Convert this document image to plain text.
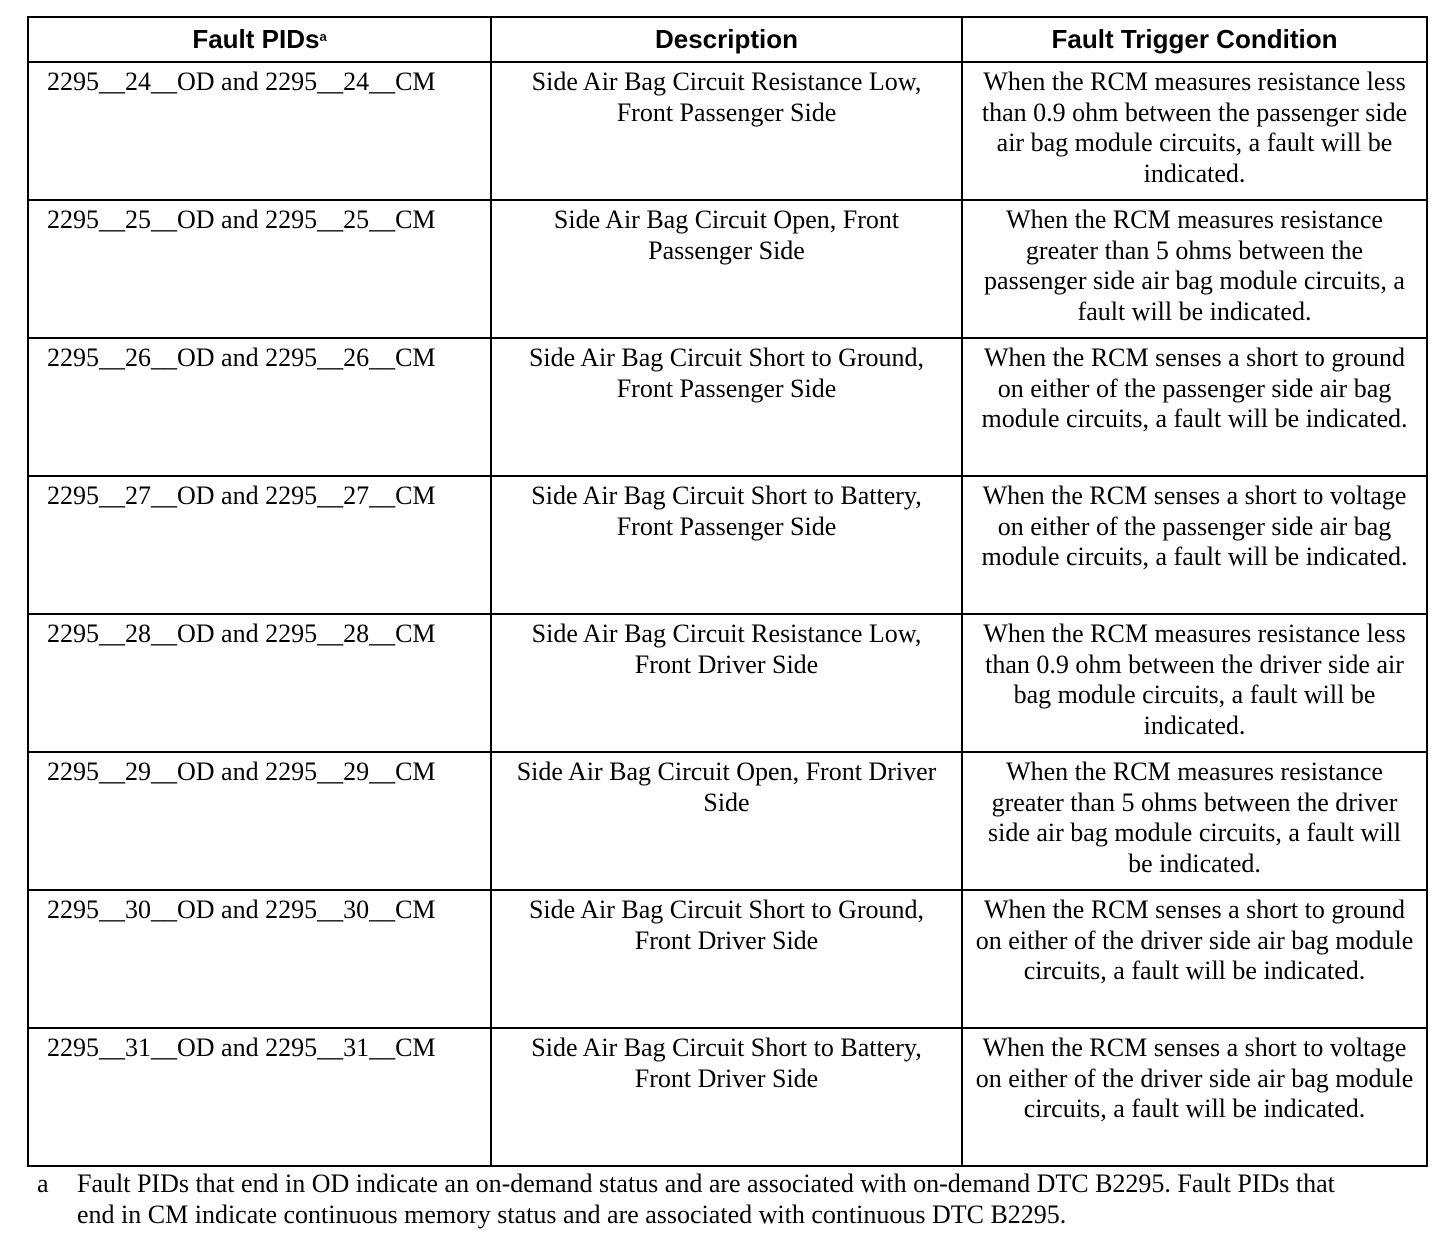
Fault PIDs$^a$	Description	Fault Trigger Condition
2295__24__OD and 2295__24__CM	Side Air Bag Circuit Resistance Low, Front Passenger Side	When the RCM measures resistance less than 0.9 ohm between the passenger side air bag module circuits, a fault will be indicated.
2295__25__OD and 2295__25__CM	Side Air Bag Circuit Open, Front Passenger Side	When the RCM measures resistance greater than 5 ohms between the passenger side air bag module circuits, a fault will be indicated.
2295__26__OD and 2295__26__CM	Side Air Bag Circuit Short to Ground, Front Passenger Side	When the RCM senses a short to ground on either of the passenger side air bag module circuits, a fault will be indicated.
2295__27__OD and 2295__27__CM	Side Air Bag Circuit Short to Battery, Front Passenger Side	When the RCM senses a short to voltage on either of the passenger side air bag module circuits, a fault will be indicated.
2295__28__OD and 2295__28__CM	Side Air Bag Circuit Resistance Low, Front Driver Side	When the RCM measures resistance less than 0.9 ohm between the driver side air bag module circuits, a fault will be indicated.
2295__29__OD and 2295__29__CM	Side Air Bag Circuit Open, Front Driver Side	When the RCM measures resistance greater than 5 ohms between the driver side air bag module circuits, a fault will be indicated.
2295__30__OD and 2295__30__CM	Side Air Bag Circuit Short to Ground, Front Driver Side	When the RCM senses a short to ground on either of the driver side air bag module circuits, a fault will be indicated.
2295__31__OD and 2295__31__CM	Side Air Bag Circuit Short to Battery, Front Driver Side	When the RCM senses a short to voltage on either of the driver side air bag module circuits, a fault will be indicated.
a Fault PIDs that end in OD indicate an on-demand status and are associated with on-demand DTC B2295. Fault PIDs that end in CM indicate continuous memory status and are associated with continuous DTC B2295.
